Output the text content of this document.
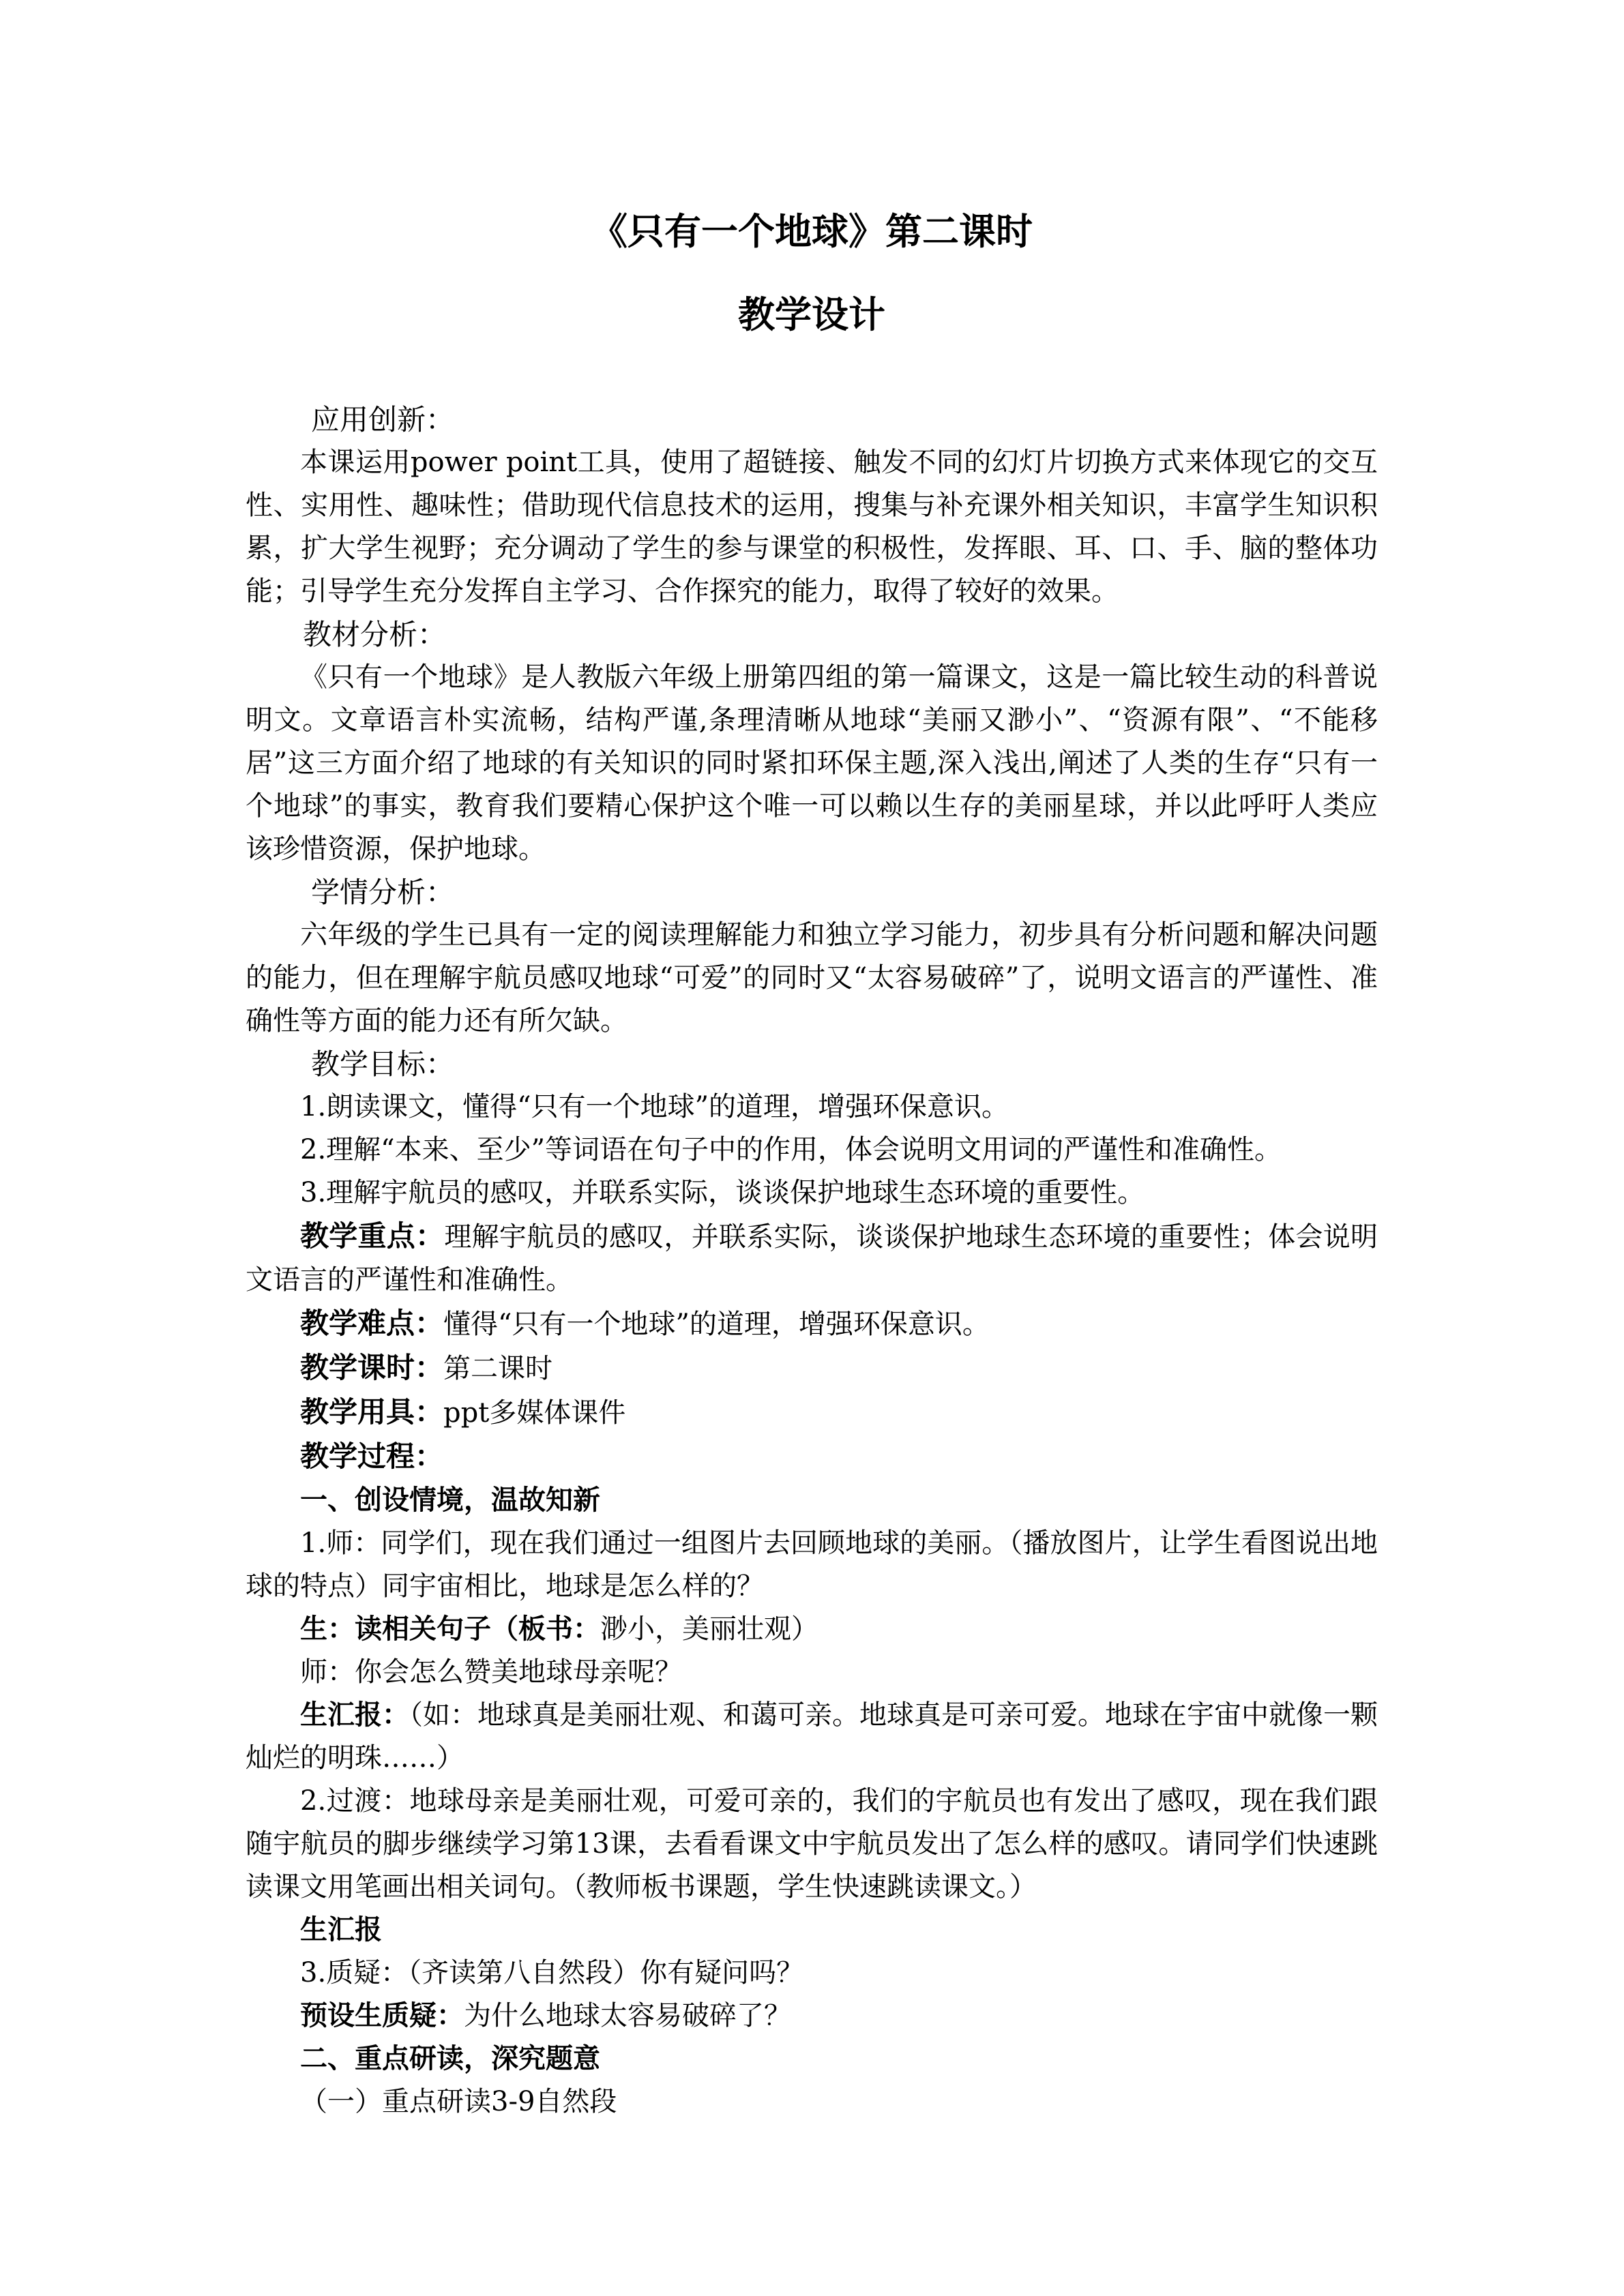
《只有一个地球》第二课时
教学设计

应用创新：

本课运用power point工具，使用了超链接、触发不同的幻灯片切换方式来体现它的交互性、实用性、趣味性；借助现代信息技术的运用，搜集与补充课外相关知识，丰富学生知识积累，扩大学生视野；充分调动了学生的参与课堂的积极性，发挥眼、耳、口、手、脑的整体功能；引导学生充分发挥自主学习、合作探究的能力，取得了较好的效果。

教材分析：

《只有一个地球》是人教版六年级上册第四组的第一篇课文，这是一篇比较生动的科普说明文。文章语言朴实流畅，结构严谨,条理清晰从地球“美丽又渺小”、“资源有限”、“不能移居”这三方面介绍了地球的有关知识的同时紧扣环保主题,深入浅出,阐述了人类的生存“只有一个地球”的事实，教育我们要精心保护这个唯一可以赖以生存的美丽星球，并以此呼吁人类应该珍惜资源，保护地球。

学情分析：

六年级的学生已具有一定的阅读理解能力和独立学习能力，初步具有分析问题和解决问题的能力，但在理解宇航员感叹地球“可爱”的同时又“太容易破碎”了，说明文语言的严谨性、准确性等方面的能力还有所欠缺。

教学目标：

1.朗读课文，懂得“只有一个地球”的道理，增强环保意识。

2.理解“本来、至少”等词语在句子中的作用，体会说明文用词的严谨性和准确性。

3.理解宇航员的感叹，并联系实际，谈谈保护地球生态环境的重要性。

教学重点：理解宇航员的感叹，并联系实际，谈谈保护地球生态环境的重要性；体会说明文语言的严谨性和准确性。

教学难点：懂得“只有一个地球”的道理，增强环保意识。

教学课时：第二课时

教学用具：ppt多媒体课件

教学过程：

一、创设情境，温故知新

1.师：同学们，现在我们通过一组图片去回顾地球的美丽。（播放图片，让学生看图说出地球的特点）同宇宙相比，地球是怎么样的？

生：读相关句子（板书：渺小，美丽壮观）

师：你会怎么赞美地球母亲呢？

生汇报：（如：地球真是美丽壮观、和蔼可亲。地球真是可亲可爱。地球在宇宙中就像一颗灿烂的明珠……）

2.过渡：地球母亲是美丽壮观，可爱可亲的，我们的宇航员也有发出了感叹，现在我们跟随宇航员的脚步继续学习第13课，去看看课文中宇航员发出了怎么样的感叹。请同学们快速跳读课文用笔画出相关词句。（教师板书课题，学生快速跳读课文。）

生汇报

3.质疑：（齐读第八自然段）你有疑问吗？

预设生质疑：为什么地球太容易破碎了？

二、重点研读，深究题意

（一）重点研读3-9自然段
